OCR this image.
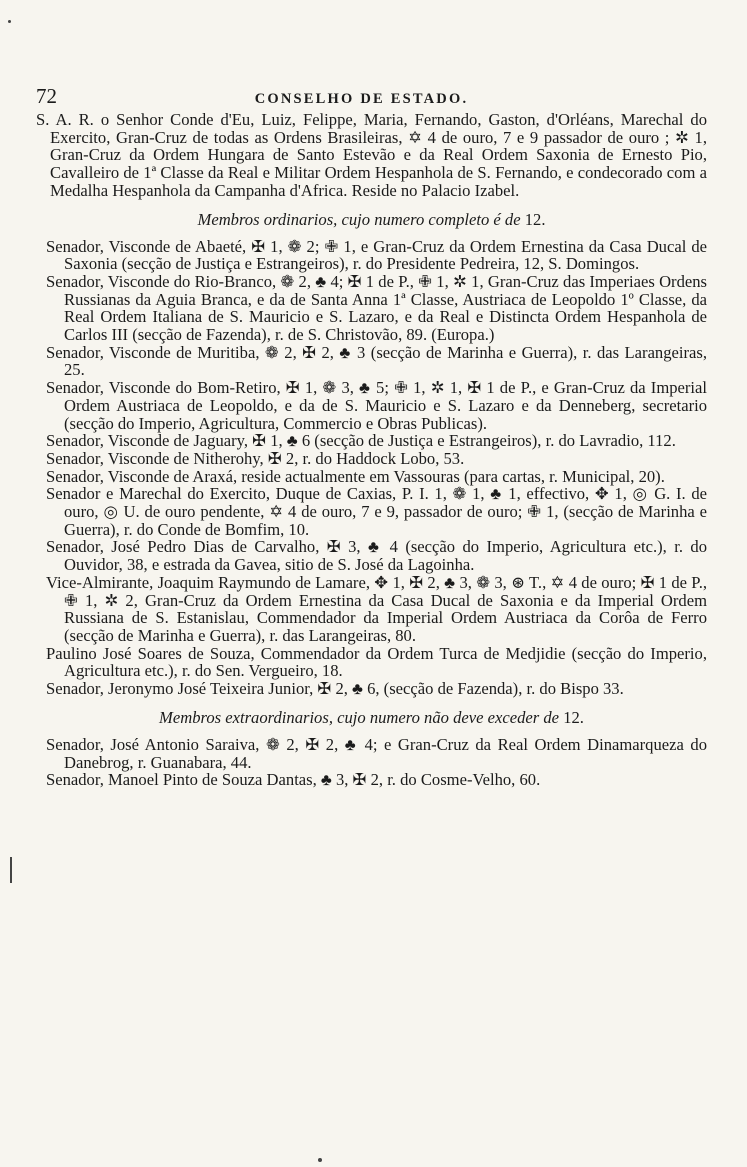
72	CONSELHO DE ESTADO.

S. A. R. o Senhor Conde d'Eu, Luiz, Felippe, Maria, Fernando, Gaston, d'Orléans, Marechal do Exercito, Gran-Cruz de todas as Ordens Brasileiras, ✡ 4 de ouro, 7 e 9 passador de ouro ; ✲ 1, Gran-Cruz da Ordem Hungara de Santo Estevão e da Real Ordem Saxonia de Ernesto Pio, Cavalleiro de 1ª Classe da Real e Militar Ordem Hespanhola de S. Fernando, e condecorado com a Medalha Hespanhola da Campanha d'Africa. Reside no Palacio Izabel.

Membros ordinarios, cujo numero completo é de 12.

Senador, Visconde de Abaeté, ✠ 1, ❁ 2; ✙ 1, e Gran-Cruz da Ordem Ernestina da Casa Ducal de Saxonia (secção de Justiça e Estrangeiros), r. do Presidente Pedreira, 12, S. Domingos.

Senador, Visconde do Rio-Branco, ❁ 2, ♣ 4; ✠ 1 de P., ✙ 1, ✲ 1, Gran-Cruz das Imperiaes Ordens Russianas da Aguia Branca, e da de Santa Anna 1ª Classe, Austriaca de Leopoldo 1º Classe, da Real Ordem Italiana de S. Mauricio e S. Lazaro, e da Real e Distincta Ordem Hespanhola de Carlos III (secção de Fazenda), r. de S. Christovão, 89. (Europa.)

Senador, Visconde de Muritiba, ❁ 2, ✠ 2, ♣ 3 (secção de Marinha e Guerra), r. das Larangeiras, 25.

Senador, Visconde do Bom-Retiro, ✠ 1, ❁ 3, ♣ 5; ✙ 1, ✲ 1, ✠ 1 de P., e Gran-Cruz da Imperial Ordem Austriaca de Leopoldo, e da de S. Mauricio e S. Lazaro e da Denneberg, secretario (secção do Imperio, Agricultura, Commercio e Obras Publicas).

Senador, Visconde de Jaguary, ✠ 1, ♣ 6 (secção de Justiça e Estrangeiros), r. do Lavradio, 112.

Senador, Visconde de Nitherohy, ✠ 2, r. do Haddock Lobo, 53.

Senador, Visconde de Araxá, reside actualmente em Vassouras (para cartas, r. Municipal, 20).

Senador e Marechal do Exercito, Duque de Caxias, P. I. 1, ❁ 1, ♣ 1, effectivo, ✥ 1, ◎ G. I. de ouro, ◎ U. de ouro pendente, ✡ 4 de ouro, 7 e 9, passador de ouro; ✙ 1, (secção de Marinha e Guerra), r. do Conde de Bomfim, 10.

Senador, José Pedro Dias de Carvalho, ✠ 3, ♣ 4 (secção do Imperio, Agricultura etc.), r. do Ouvidor, 38, e estrada da Gavea, sitio de S. José da Lagoinha.

Vice-Almirante, Joaquim Raymundo de Lamare, ✥ 1, ✠ 2, ♣ 3, ❁ 3, ⊛ T., ✡ 4 de ouro; ✠ 1 de P., ✙ 1, ✲ 2, Gran-Cruz da Ordem Ernestina da Casa Ducal de Saxonia e da Imperial Ordem Russiana de S. Estanislau, Commendador da Imperial Ordem Austriaca da Corôa de Ferro (secção de Marinha e Guerra), r. das Larangeiras, 80.

Paulino José Soares de Souza, Commendador da Ordem Turca de Medjidie (secção do Imperio, Agricultura etc.), r. do Sen. Vergueiro, 18.

Senador, Jeronymo José Teixeira Junior, ✠ 2, ♣ 6, (secção de Fazenda), r. do Bispo 33.

Membros extraordinarios, cujo numero não deve exceder de 12.

Senador, José Antonio Saraiva, ❁ 2, ✠ 2, ♣ 4; e Gran-Cruz da Real Ordem Dinamarqueza do Danebrog, r. Guanabara, 44.

Senador, Manoel Pinto de Souza Dantas, ♣ 3, ✠ 2, r. do Cosme-Velho, 60.
